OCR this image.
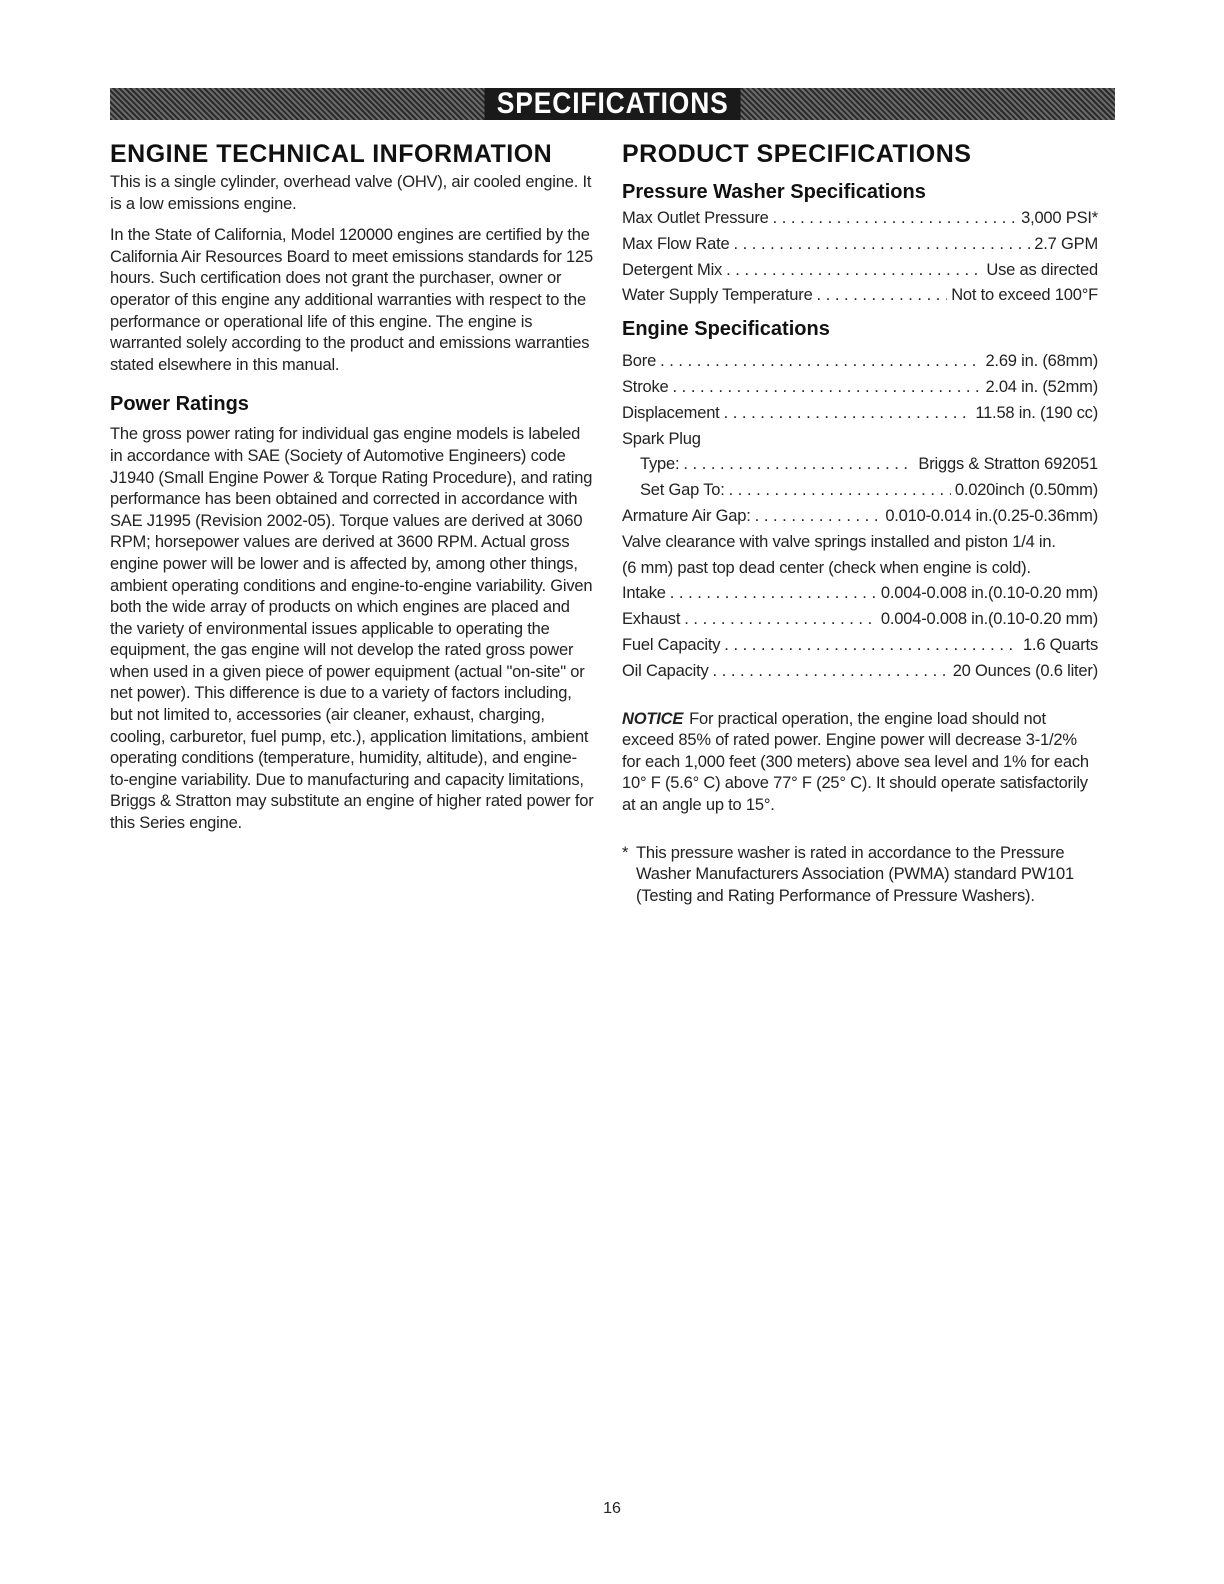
SPECIFICATIONS
ENGINE TECHNICAL INFORMATION

This is a single cylinder, overhead valve (OHV), air cooled engine. It is a low emissions engine.

In the State of California, Model 120000 engines are certified by the California Air Resources Board to meet emissions standards for 125 hours. Such certification does not grant the purchaser, owner or operator of this engine any additional warranties with respect to the performance or operational life of this engine. The engine is warranted solely according to the product and emissions warranties stated elsewhere in this manual.

Power Ratings

The gross power rating for individual gas engine models is labeled in accordance with SAE (Society of Automotive Engineers) code J1940 (Small Engine Power & Torque Rating Procedure), and rating performance has been obtained and corrected in accordance with SAE J1995 (Revision 2002-05). Torque values are derived at 3060 RPM; horsepower values are derived at 3600 RPM. Actual gross engine power will be lower and is affected by, among other things, ambient operating conditions and engine-to-engine variability. Given both the wide array of products on which engines are placed and the variety of environmental issues applicable to operating the equipment, the gas engine will not develop the rated gross power when used in a given piece of power equipment (actual "on-site" or net power). This difference is due to a variety of factors including, but not limited to, accessories (air cleaner, exhaust, charging, cooling, carburetor, fuel pump, etc.), application limitations, ambient operating conditions (temperature, humidity, altitude), and engine-to-engine variability. Due to manufacturing and capacity limitations, Briggs & Stratton may substitute an engine of higher rated power for this Series engine.

PRODUCT SPECIFICATIONS
Pressure Washer Specifications
Max Outlet Pressure . . .	3,000 PSI*
Max Flow Rate . . .	2.7 GPM
Detergent Mix . . .	Use as directed
Water Supply Temperature . . .	Not to exceed 100°F
Engine Specifications
Bore . . .	2.69 in. (68mm)
Stroke . . .	2.04 in. (52mm)
Displacement . . .	11.58 in. (190 cc)
Spark Plug
Type: . . .	Briggs & Stratton 692051
Set Gap To: . . .	0.020inch (0.50mm)
Armature Air Gap: . . .	0.010-0.014 in.(0.25-0.36mm)
Valve clearance with valve springs installed and piston 1/4 in.
(6 mm) past top dead center (check when engine is cold).
Intake . . .	0.004-0.008 in.(0.10-0.20 mm)
Exhaust . . .	0.004-0.008 in.(0.10-0.20 mm)
Fuel Capacity . . .	1.6 Quarts
Oil Capacity . . .	20 Ounces (0.6 liter)

NOTICE For practical operation, the engine load should not exceed 85% of rated power. Engine power will decrease 3-1/2% for each 1,000 feet (300 meters) above sea level and 1% for each 10° F (5.6° C) above 77° F (25° C). It should operate satisfactorily at an angle up to 15°.

* This pressure washer is rated in accordance to the Pressure Washer Manufacturers Association (PWMA) standard PW101 (Testing and Rating Performance of Pressure Washers).

16
